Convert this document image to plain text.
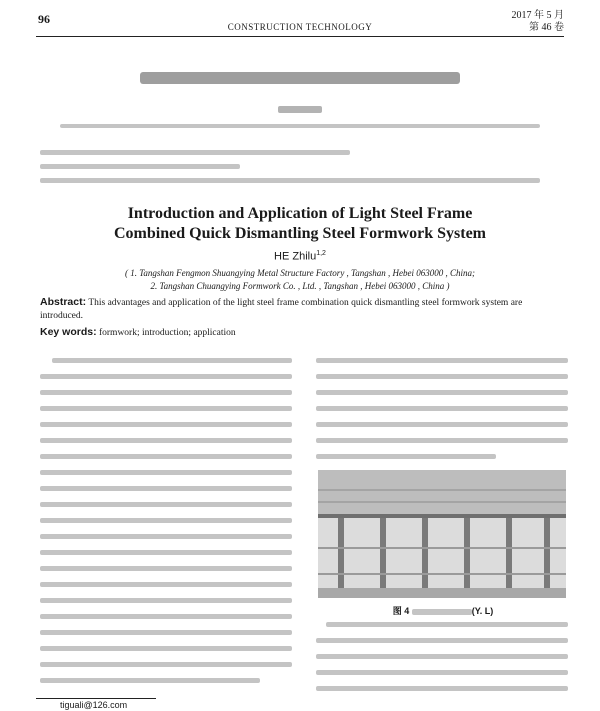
96
CONSTRUCTION TECHNOLOGY
2017 年 5 月
第 46 卷
Introduction and Application of Light Steel Frame
Combined Quick Dismantling Steel Formwork System
HE Zhilu$^{1,2}$
( 1. Tangshan Fengmon Shuangying Metal Structure Factory , Tangshan , Hebei 063000 , China;
2. Tangshan Chuangying Formwork Co. , Ltd. , Tangshan , Hebei 063000 , China )
Abstract: This advantages and application of the light steel frame combination quick dismantling steel formwork system are introduced.
Key words: formwork; introduction; application
图 4	(Y. L)
tiguali@126.com
